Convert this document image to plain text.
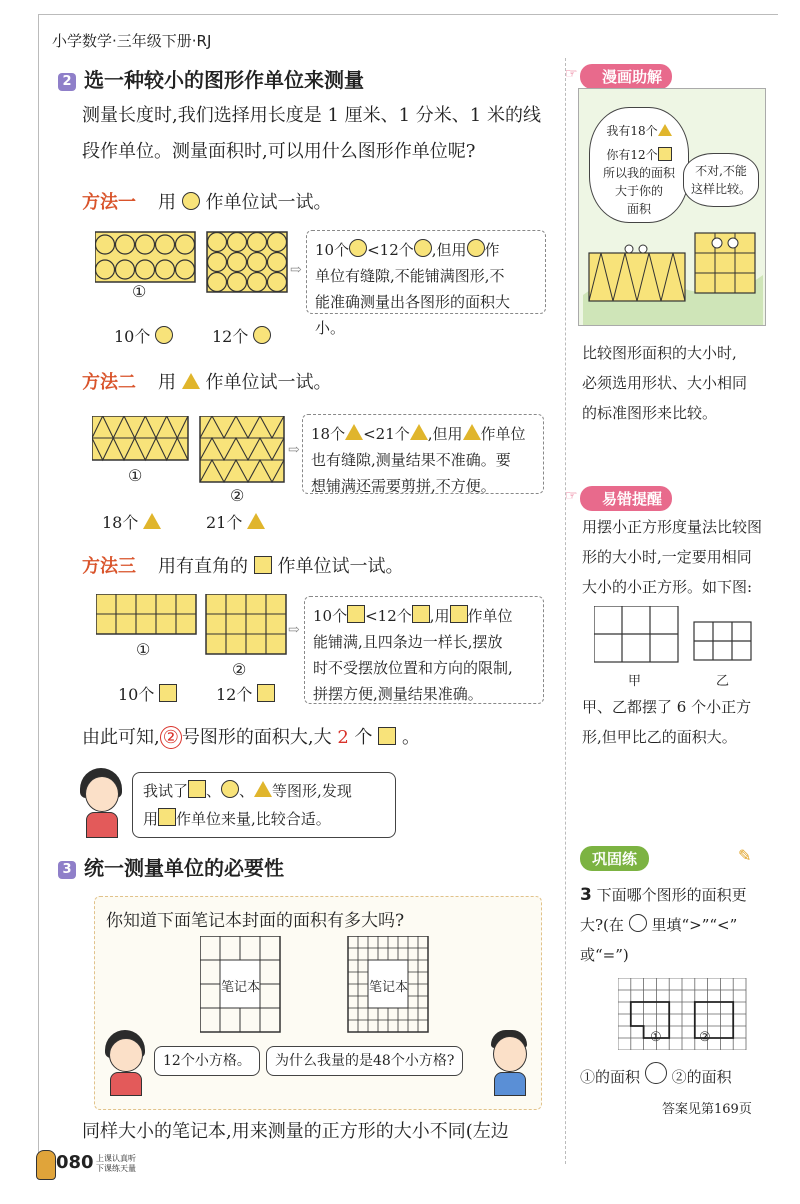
小学数学·三年级下册·RJ
2 选一种较小的图形作单位来测量
测量长度时,我们选择用长度是 1 厘米、1 分米、1 米的线
段作单位。测量面积时,可以用什么图形作单位呢?
方法一 用 作单位试一试。
①
⇨
10个 <12个 ,但用 作
单位有缝隙,不能铺满图形,不
能准确测量出各图形的面积大小。
10个	12个
方法二 用 作单位试一试。
①
②
⇨
18个 <21个 ,但用 作单位
也有缝隙,测量结果不准确。要
想铺满还需要剪拼,不方便。
18个	21个
方法三 用有直角的 作单位试一试。
①
②
⇨
10个 <12个 ,用 作单位
能铺满,且四条边一样长,摆放
时不受摆放位置和方向的限制,
拼摆方便,测量结果准确。
10个	12个
由此可知, ② 号图形的面积大,大 2 个 。
我试了 、 、 等图形,发现
用 作单位来量,比较合适。
3 统一测量单位的必要性
你知道下面笔记本封面的面积有多大吗?
笔记本	笔记本
12个小方格。	为什么我量的是48个小方格?
同样大小的笔记本,用来测量的正方形的大小不同(左边
漫画助解
☞
我有18个
你有12个
所以我的面积
大于你的
面积
不对,不能这样比较。
比较图形面积的大小时,
必须选用形状、大小相同
的标准图形来比较。
易错提醒
☞
用摆小正方形度量法比较图
形的大小时,一定要用相同
大小的小正方形。如下图:
甲	乙
甲、乙都摆了 6 个小正方
形,但甲比乙的面积大。
巩固练	✎
3 下面哪个图形的面积更
大?(在 里填“>”“<”
或“=”)
①	②
①的面积 ②的面积
答案见第169页
080 上课认真听
下课练天量
